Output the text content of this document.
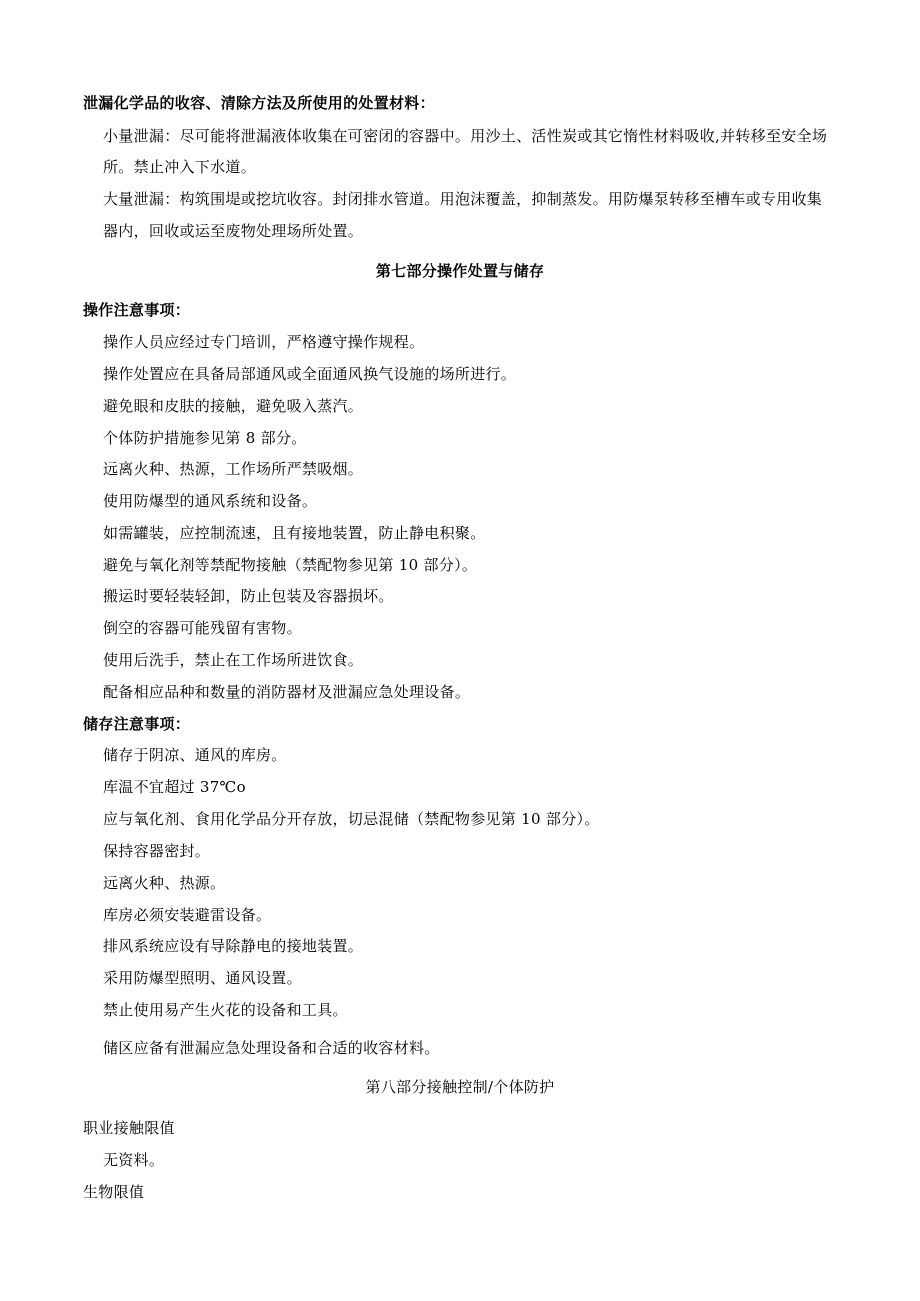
泄漏化学品的收容、清除方法及所使用的处置材料：
小量泄漏：尽可能将泄漏液体收集在可密闭的容器中。用沙土、活性炭或其它惰性材料吸收,并转移至安全场
所。禁止冲入下水道。
大量泄漏：构筑围堤或挖坑收容。封闭排水管道。用泡沫覆盖，抑制蒸发。用防爆泵转移至槽车或专用收集
器内，回收或运至废物处理场所处置。
第七部分操作处置与储存
操作注意事项：
操作人员应经过专门培训，严格遵守操作规程。
操作处置应在具备局部通风或全面通风换气设施的场所进行。
避免眼和皮肤的接触，避免吸入蒸汽。
个体防护措施参见第 8 部分。
远离火种、热源，工作场所严禁吸烟。
使用防爆型的通风系统和设备。
如需罐装，应控制流速，且有接地装置，防止静电积聚。
避免与氧化剂等禁配物接触（禁配物参见第 10 部分）。
搬运时要轻装轻卸，防止包装及容器损坏。
倒空的容器可能残留有害物。
使用后洗手，禁止在工作场所进饮食。
配备相应品种和数量的消防器材及泄漏应急处理设备。
储存注意事项：
储存于阴凉、通风的库房。
库温不宜超过 37℃o
应与氧化剂、食用化学品分开存放，切忌混储（禁配物参见第 10 部分）。
保持容器密封。
远离火种、热源。
库房必须安装避雷设备。
排风系统应设有导除静电的接地装置。
采用防爆型照明、通风设置。
禁止使用易产生火花的设备和工具。
储区应备有泄漏应急处理设备和合适的收容材料。
第八部分接触控制/个体防护
职业接触限值
无资料。
生物限值
